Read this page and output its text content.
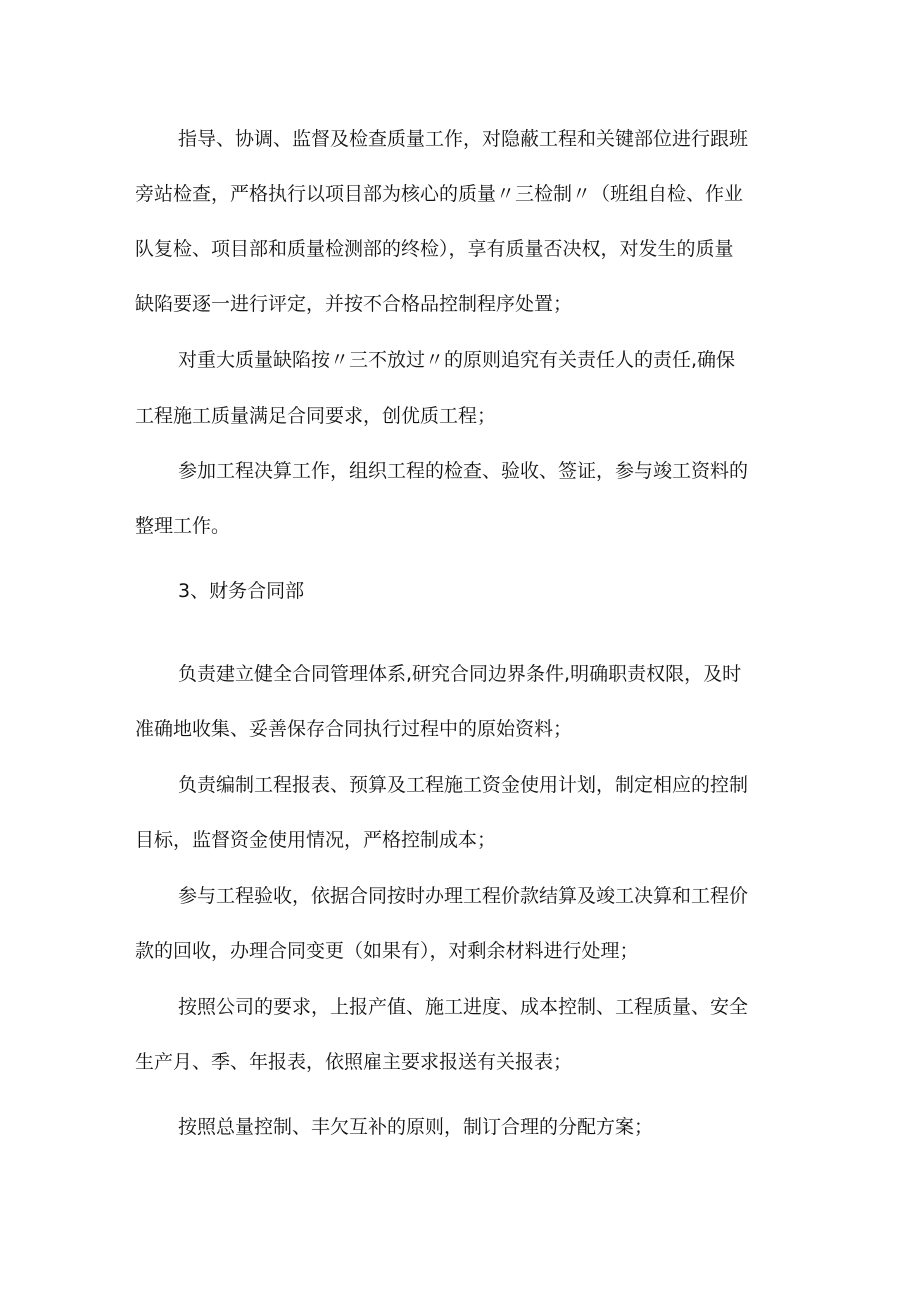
指导、协调、监督及检查质量工作，对隐蔽工程和关键部位进行跟班
旁站检查，严格执行以项目部为核心的质量〃三检制〃（班组自检、作业
队复检、项目部和质量检测部的终检），享有质量否决权，对发生的质量
缺陷要逐一进行评定，并按不合格品控制程序处置；
对重大质量缺陷按〃三不放过〃的原则追究有关责任人的责任,确保
工程施工质量满足合同要求，创优质工程；
参加工程决算工作，组织工程的检查、验收、签证，参与竣工资料的
整理工作。
3、财务合同部
负责建立健全合同管理体系,研究合同边界条件,明确职责权限，及时
准确地收集、妥善保存合同执行过程中的原始资料；
负责编制工程报表、预算及工程施工资金使用计划，制定相应的控制
目标，监督资金使用情况，严格控制成本；
参与工程验收，依据合同按时办理工程价款结算及竣工决算和工程价
款的回收，办理合同变更（如果有），对剩余材料进行处理；
按照公司的要求，上报产值、施工进度、成本控制、工程质量、安全
生产月、季、年报表，依照雇主要求报送有关报表；
按照总量控制、丰欠互补的原则，制订合理的分配方案；
